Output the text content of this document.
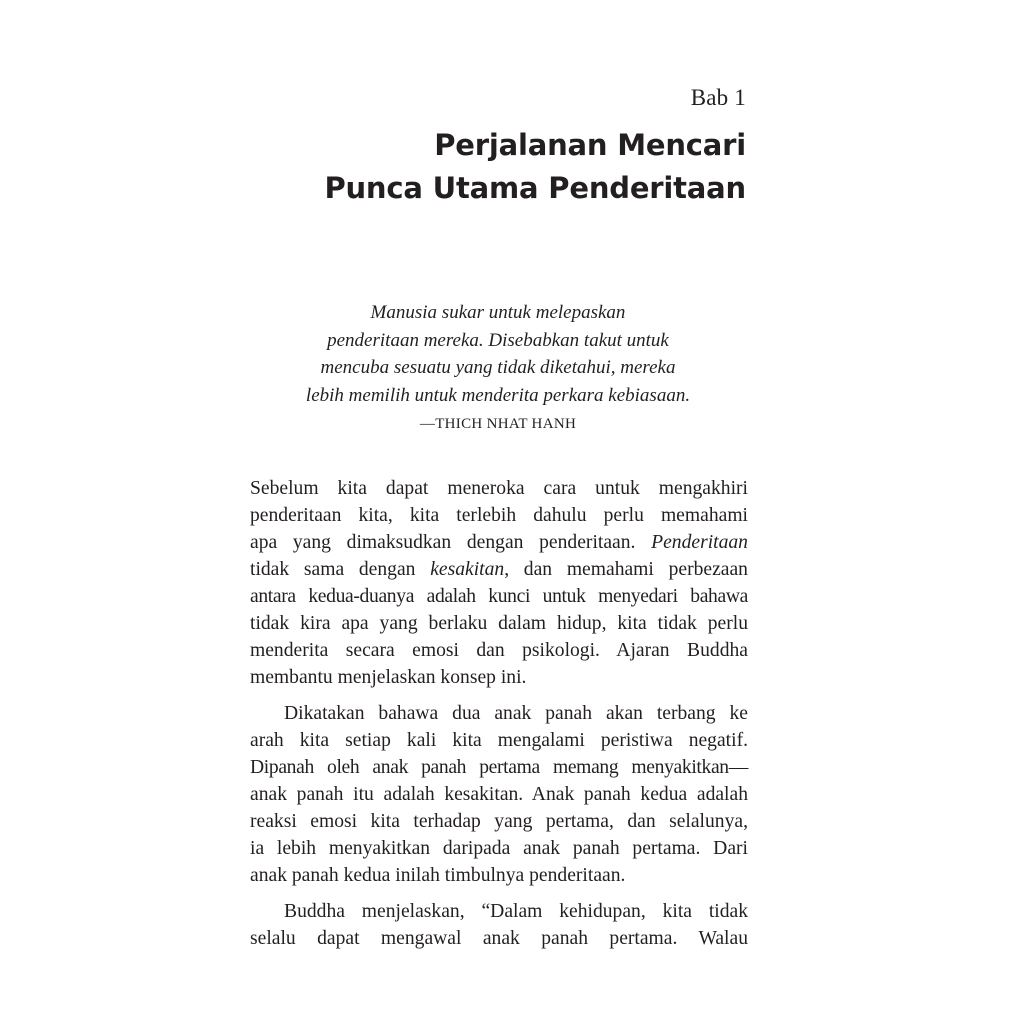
Bab 1
Perjalanan Mencari
Punca Utama Penderitaan
Manusia sukar untuk melepaskan
penderitaan mereka. Disebabkan takut untuk
mencuba sesuatu yang tidak diketahui, mereka
lebih memilih untuk menderita perkara kebiasaan.
—THICH NHAT HANH

Sebelum kita dapat meneroka cara untuk mengakhiri
penderitaan kita, kita terlebih dahulu perlu memahami
apa yang dimaksudkan dengan penderitaan. Penderitaan
tidak sama dengan kesakitan, dan memahami perbezaan
antara kedua-duanya adalah kunci untuk menyedari bahawa
tidak kira apa yang berlaku dalam hidup, kita tidak perlu
menderita secara emosi dan psikologi. Ajaran Buddha
membantu menjelaskan konsep ini.

Dikatakan bahawa dua anak panah akan terbang ke
arah kita setiap kali kita mengalami peristiwa negatif.
Dipanah oleh anak panah pertama memang menyakitkan—
anak panah itu adalah kesakitan. Anak panah kedua adalah
reaksi emosi kita terhadap yang pertama, dan selalunya,
ia lebih menyakitkan daripada anak panah pertama. Dari
anak panah kedua inilah timbulnya penderitaan.

Buddha menjelaskan, “Dalam kehidupan, kita tidak
selalu dapat mengawal anak panah pertama. Walau
